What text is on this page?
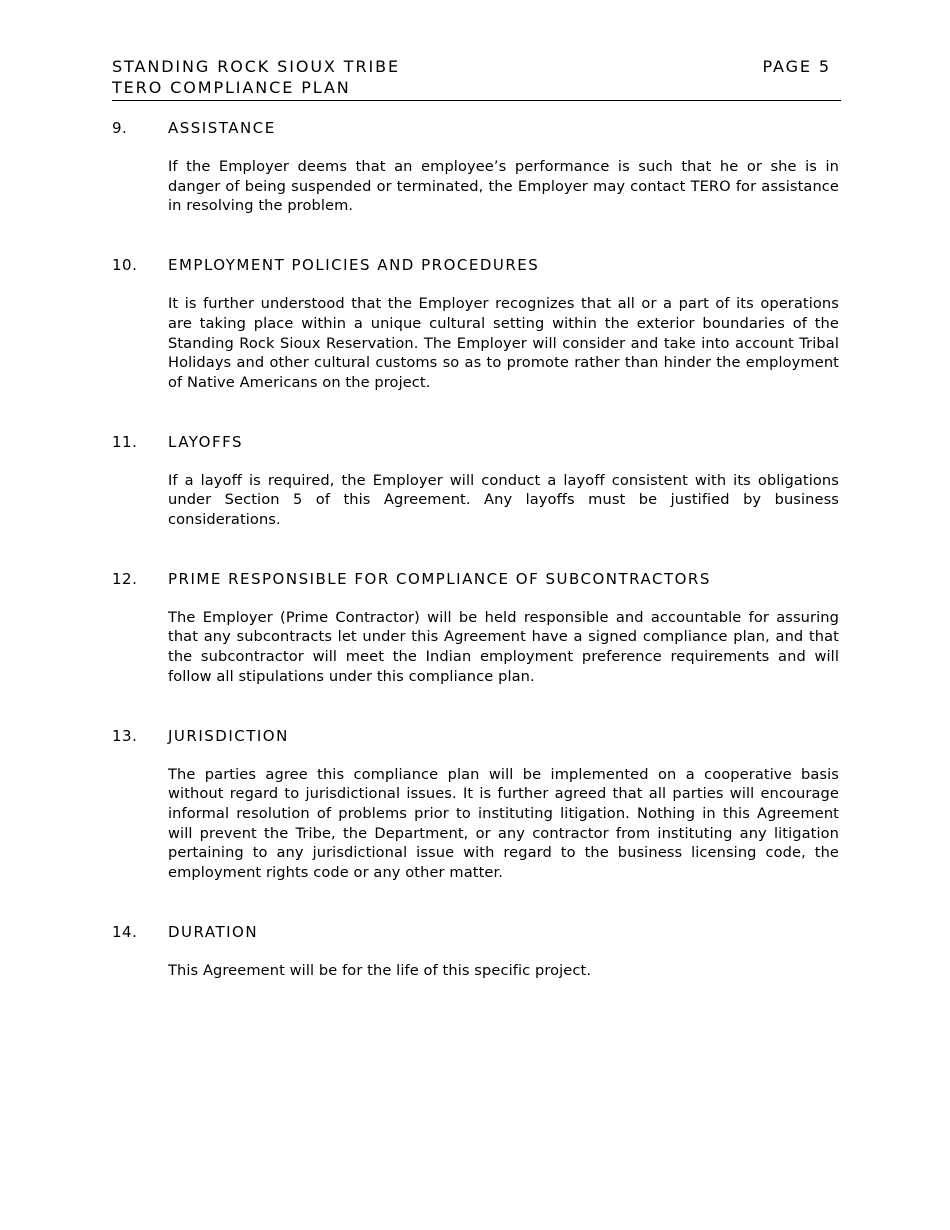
STANDING ROCK SIOUX TRIBE
TERO COMPLIANCE PLAN
PAGE 5
9.	ASSISTANCE
If the Employer deems that an employee’s performance is such that he or she is in danger of being suspended or terminated, the Employer may contact TERO for assistance in resolving the problem.
10.	EMPLOYMENT POLICIES AND PROCEDURES
It is further understood that the Employer recognizes that all or a part of its operations are taking place within a unique cultural setting within the exterior boundaries of the Standing Rock Sioux Reservation. The Employer will consider and take into account Tribal Holidays and other cultural customs so as to promote rather than hinder the employment of Native Americans on the project.
11.	LAYOFFS
If a layoff is required, the Employer will conduct a layoff consistent with its obligations under Section 5 of this Agreement. Any layoffs must be justified by business considerations.
12.	PRIME RESPONSIBLE FOR COMPLIANCE OF SUBCONTRACTORS
The Employer (Prime Contractor) will be held responsible and accountable for assuring that any subcontracts let under this Agreement have a signed compliance plan, and that the subcontractor will meet the Indian employment preference requirements and will follow all stipulations under this compliance plan.
13.	JURISDICTION
The parties agree this compliance plan will be implemented on a cooperative basis without regard to jurisdictional issues. It is further agreed that all parties will encourage informal resolution of problems prior to instituting litigation. Nothing in this Agreement will prevent the Tribe, the Department, or any contractor from instituting any litigation pertaining to any jurisdictional issue with regard to the business licensing code, the employment rights code or any other matter.
14.	DURATION
This Agreement will be for the life of this specific project.
